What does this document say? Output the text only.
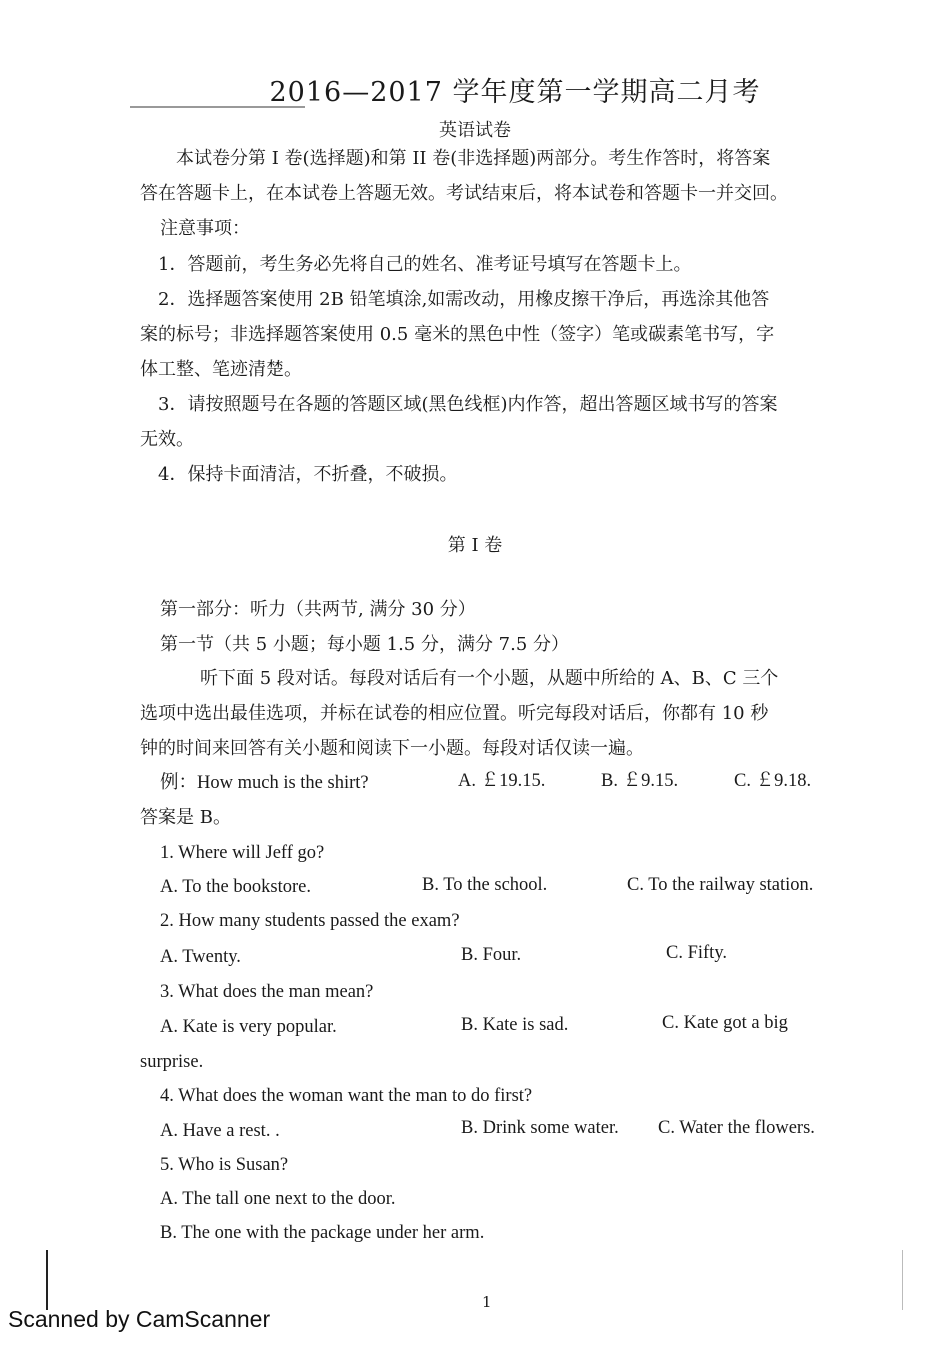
2016—2017 学年度第一学期高二月考
英语试卷
本试卷分第 I 卷(选择题)和第 II 卷(非选择题)两部分。考生作答时，将答案
答在答题卡上，在本试卷上答题无效。考试结束后，将本试卷和答题卡一并交回。
注意事项：
1．答题前，考生务必先将自己的姓名、准考证号填写在答题卡上。
2．选择题答案使用 2B 铅笔填涂,如需改动，用橡皮擦干净后，再选涂其他答
案的标号；非选择题答案使用 0.5 毫米的黑色中性（签字）笔或碳素笔书写，字
体工整、笔迹清楚。
3．请按照题号在各题的答题区域(黑色线框)内作答，超出答题区域书写的答案
无效。
4．保持卡面清洁，不折叠，不破损。
第 I 卷
第一部分：听力（共两节, 满分 30 分）
第一节（共 5 小题；每小题 1.5 分，满分 7.5 分）
听下面 5 段对话。每段对话后有一个小题，从题中所给的 A、B、C 三个
选项中选出最佳选项，并标在试卷的相应位置。听完每段对话后，你都有 10 秒
钟的时间来回答有关小题和阅读下一小题。每段对话仅读一遍。
例：How much is the shirt?	A. ￡19.15.	B. ￡9.15.	C. ￡9.18.
答案是 B。
1. Where will Jeff go?
A. To the bookstore.	B. To the school.	C. To the railway station.
2. How many students passed the exam?
A. Twenty.	B. Four.	C. Fifty.
3. What does the man mean?
A. Kate is very popular.	B. Kate is sad.	C. Kate got a big
surprise.
4. What does the woman want the man to do first?
A. Have a rest. .	B. Drink some water. C. Water the flowers.
5. Who is Susan?
A. The tall one next to the door.
B. The one with the package under her arm.
1
Scanned by CamScanner
